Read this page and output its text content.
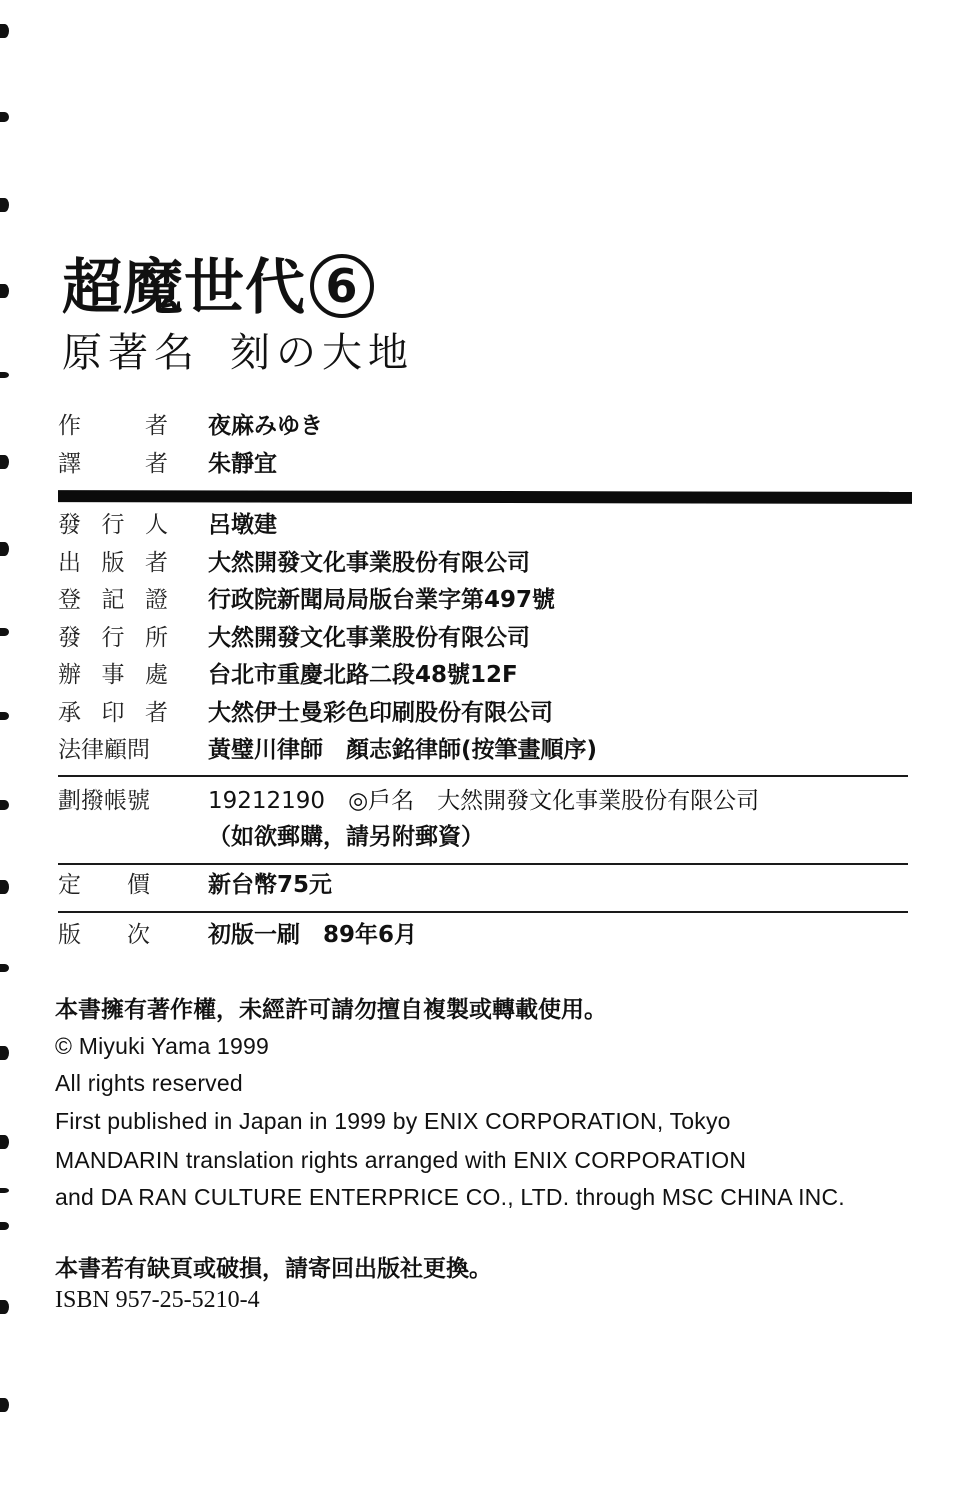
超魔世代 6
原著名 刻の大地
作	者 夜麻みゆき
譯	者 朱靜宜
發 行 人 呂墩建
出 版 者 大然開發文化事業股份有限公司
登 記 證 行政院新聞局局版台業字第497號
發 行 所 大然開發文化事業股份有限公司
辦 事 處 台北市重慶北路二段48號12F
承 印 者 大然伊士曼彩色印刷股份有限公司
法律顧問	黃璧川律師　顏志銘律師(按筆畫順序)
劃撥帳號	19212190　◎戶名　大然開發文化事業股份有限公司
（如欲郵購，請另附郵資）
定 價	新台幣75元
版 次	初版一刷　89年6月
本書擁有著作權，未經許可請勿擅自複製或轉載使用。
© Miyuki Yama 1999
All rights reserved
First published in Japan in 1999 by ENIX CORPORATION, Tokyo
MANDARIN translation rights arranged with ENIX CORPORATION
and DA RAN CULTURE ENTERPRICE CO., LTD. through MSC CHINA INC.
本書若有缺頁或破損，請寄回出版社更換。
ISBN 957-25-5210-4
